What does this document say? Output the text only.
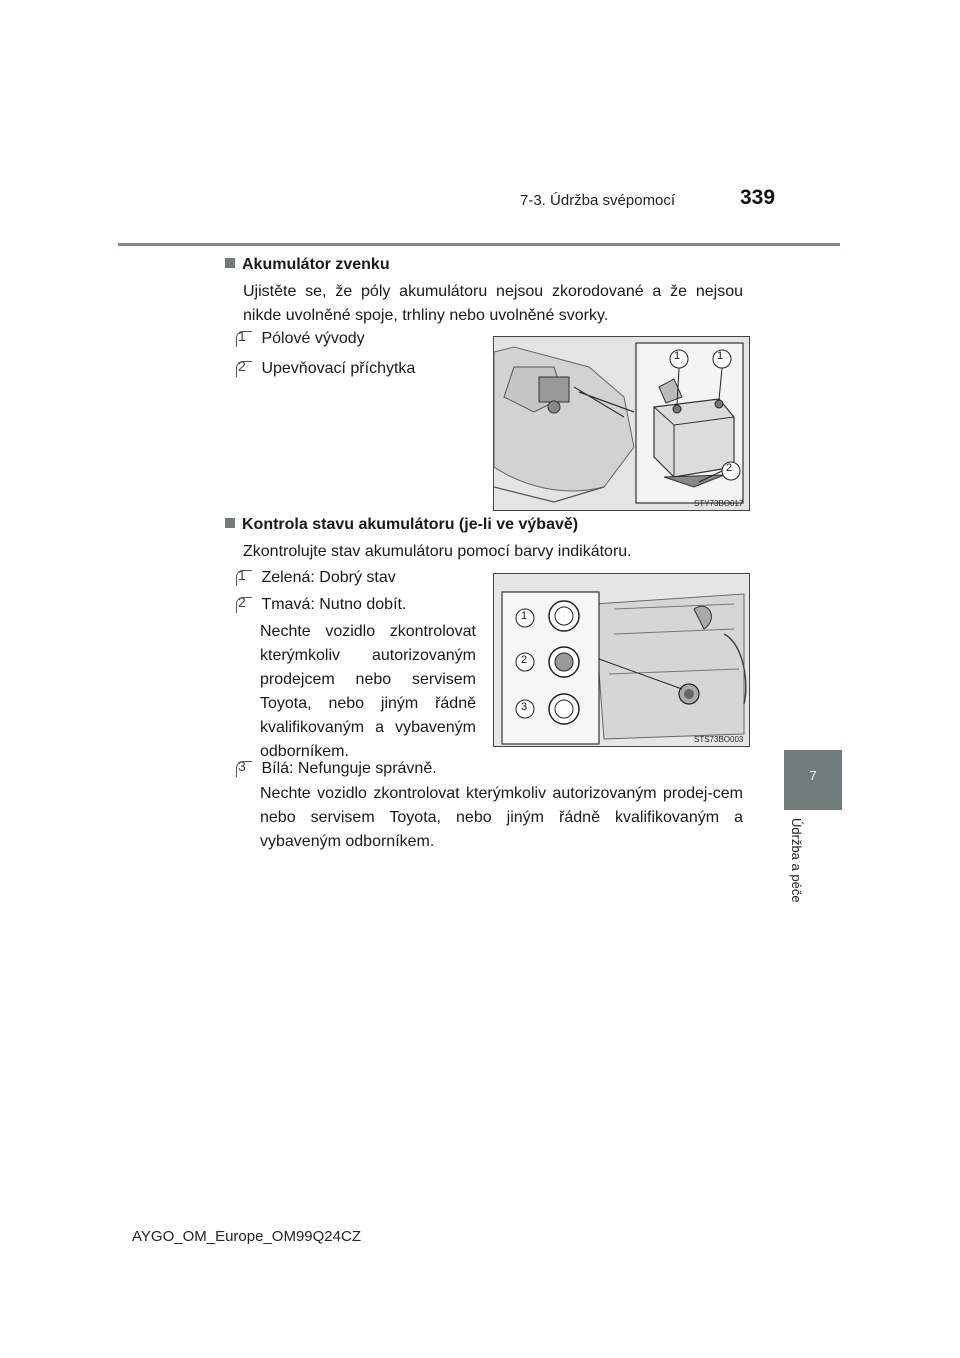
7-3. Údržba svépomocí	339
7
Údržba a péče
Akumulátor zvenku
Ujistěte se, že póly akumulátoru nejsou zkorodované a že nejsou nikde uvolněné spoje, trhliny nebo uvolněné svorky.
1 Pólové vývody
2 Upevňovací příchytka
1	1
2
STY73BO017
Kontrola stavu akumulátoru (je-li ve výbavě)
Zkontrolujte stav akumulátoru pomocí barvy indikátoru.
1 Zelená: Dobrý stav
2 Tmavá: Nutno dobít.
Nechte vozidlo zkontrolovat kterýmkoliv autorizovaným prodejcem nebo servisem Toyota, nebo jiným řádně kvalifikovaným a vybaveným odborníkem.
1
2
3
STS73BO003
3 Bílá: Nefunguje správně.
Nechte vozidlo zkontrolovat kterýmkoliv autorizovaným prodej-cem nebo servisem Toyota, nebo jiným řádně kvalifikovaným a vybaveným odborníkem.
AYGO_OM_Europe_OM99Q24CZ
